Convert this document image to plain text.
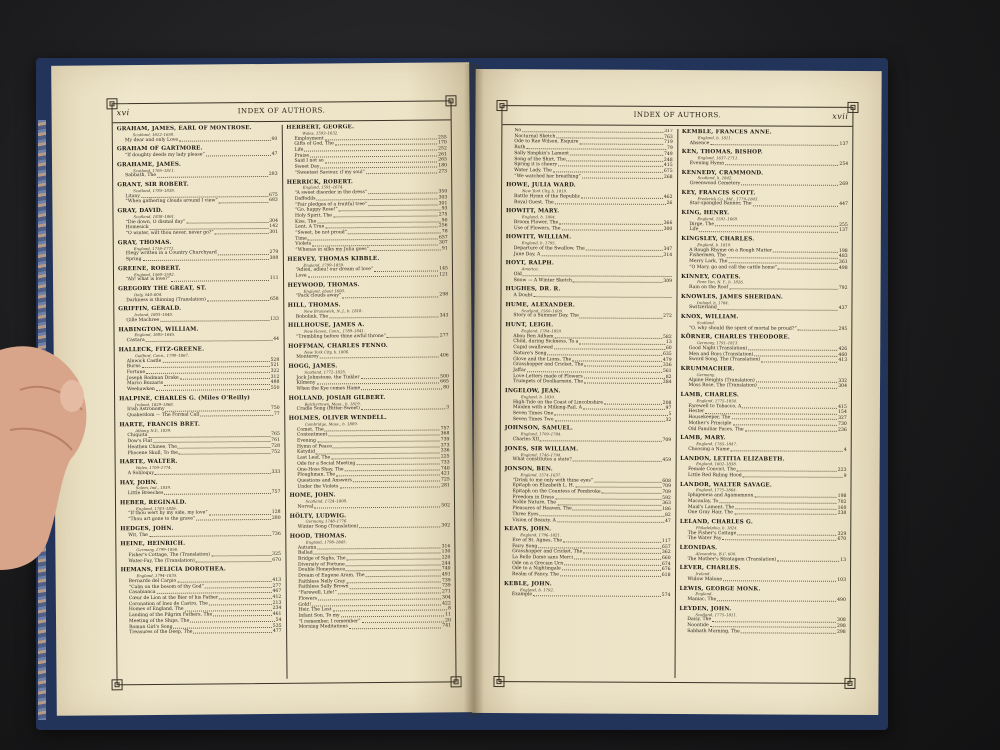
xvi	INDEX OF AUTHORS.
GRAHAM, JAMES, EARL OF MONTROSE.
Scotland, 1612–1650.
My dear and only Love	60
GRAHAM OF GARTMORE.
“If doughty deeds my lady please”	47
GRAHAME, JAMES.
Scotland, 1765–1811.
Sabbath, The	283
GRANT, SIR ROBERT.
Scotland, 1785–1838.
Litany	675
“When gathering clouds around I view”	683
GRAY, DAVID.
Scotland, 1838–1861.
“Die down, O dismal day”	304
Homesick	142
“O winter, wilt thou never, never go?”	301
GRAY, THOMAS.
England, 1716–1771.
Elegy written in a Country Churchyard	279
Spring	308
GREENE, ROBERT.
England, 1560–1592.
“Ah! what is love?”	111
GREGORY THE GREAT, ST.
Italy, 540–604.
Darkness is thinning (Translation)	658
GRIFFIN, GERALD.
Ireland, 1803–1840.
Gille Machree	133
HABINGTON, WILLIAM.
England, 1605–1645.
Castara	44
HALLECK, FITZ-GREENE.
Guilford, Conn., 1790–1867.
Alnwick Castle	528
Burns	521
Fortune	322
Joseph Rodman Drake	312
Marco Bozzaris	488
Weehawken	550
HALPINE, CHARLES G. (Miles O'Reilly)
Ireland, 1829–1868.
Irish Astronomy	750
Quakerdom — The Formal Call	77
HARTE, FRANCIS BRET.
Albany, N.Y., 1839.
Chiquita	765
Dow's Flat	761
Heathen Chinee, The	728
Pliocene Skull, To the	752
HARTE, WALTER.
Wales, 1700–1774.
A Soliloquy	333
HAY, JOHN.
Salem, Ind., 1839.
Little Breeches	757
HEBER, REGINALD.
England, 1783–1826.
“If thou wert by my side, my love”	128
“Thou art gone to the grave”	280
HEDGES, JOHN.
Wit, The	736
HEINE, HEINRICH.
Germany, 1799–1856.
Fisher's Cottage, The (Translation)	325
Water-Fay, The (Translation)	670
HEMANS, FELICIA DOROTHEA.
England, 1794–1835.
Bernardo del Carpio	413
“Calm on the bosom of thy God”	277
Casabianca	467
Cœur de Lion at the Bier of his Father	412
Coronation of Inez de Castro, The	213
Homes of England, The	234
Landing of the Pilgrim Fathers, The	461
Meeting of the Ships, The	54
Roman Girl's Song	535
Treasures of the Deep, The	477
HERBERT, GEORGE.
Wales, 1593–1632.
Employment	255
Gifts of God, The	170
Life	252
Praise	261
Said I not so	265
Sweet Day	180
“Sweetest Saviour, if my soul”	273
HERRICK, ROBERT.
England, 1591–1674.
“A sweet disorder in the dress”	350
Daffodils	303
“Fair pledges of a fruitful tree”	301
“Go, happy Rose!”	93
Holy Spirit, The	275
Kiss, The	90
Lent, A True	256
“Sweet, be not proud”	78
Time	657
Violets	307
“Whenas in silks my Julia goes”	91
HERVEY, THOMAS KIBBLE.
England, 1799–1859.
“Adieu, adieu! our dream of love”	145
Love	121
HEYWOOD, THOMAS.
England, about 1600.
“Pack clouds away”	298
HILL, THOMAS.
New Brunswick, N. J., b. 1818.
Bobolink, The	343
HILLHOUSE, JAMES A.
New Haven, Conn., 1789–1841.
“Trembling before thine awful throne”	277
HOFFMAN, CHARLES FENNO.
New York City, b. 1806.
Monterey	406
HOGG, JAMES.
Scotland, 1772–1835.
Jock Johnstone, the Tinkler	500
Kilmeny	665
When the Kye comes Hame	80
HOLLAND, JOSIAH GILBERT.
Belchertown, Mass., b. 1819.
Cradle Song (Bitter-Sweet)	3
HOLMES, OLIVER WENDELL.
Cambridge, Mass., b. 1809.
Comet, The	757
Contentment	368
Evening	739
Hymn of Peace	373
Katydid	336
Last Leaf, The	225
Ode for a Social Meeting	733
One-Hoss Shay, The	740
Ploughman, The	421
Questions and Answers	725
Under the Violets	281
HOME, JOHN.
Scotland, 1724–1808.
Norval	502
HÖLTY, LUDWIG.
Germany, 1748–1776.
Winter Song (Translation)	302
HOOD, THOMAS.
England, 1798–1845.
Autumn	316
Ballad	130
Bridge of Sighs, The	220
Diversity of Fortune	244
Double Honeydeuce	740
Dream of Eugene Aram, The	491
Faithless Nelly Gray	739
Faithless Sally Brown	739
“Farewell, Life!”	271
Flowers	304
Gold!	422
Heir, The Lost	8
Infant Son, To my	11
“I remember, I remember”	20
Morning Meditations	741
INDEX OF AUTHORS.	xvii
No	317
Nocturnal Sketch	763
Ode to Rae Wilson, Esquire	719
Ruth	79
Sally Simpkin's Lament	749
Song of the Shirt, The	248
Spring it is cheery	415
Water Lady, The	675
“We watched her breathing”	268
HOWE, JULIA WARD.
New York City, b. 1819.
Battle Hymn of the Republic	462
Royal Guest, The	26
HOWITT, MARY.
England, b. 1804.
Broom Flower, The	366
Use of Flowers, The	300
HOWITT, WILLIAM.
England, b. 1795.
Departure of the Swallow, The	347
June Day, A	314
HOYT, RALPH.
America.
Old
Snow — A Winter Sketch	309
HUGHES, DR. R.
A Doubt
HUME, ALEXANDER.
Scotland, 1560–1609.
Story of a Summer Day, The	272
HUNT, LEIGH.
England, 1784–1859.
Abou Ben Adhem	582
Child, during Sickness, To a	13
Cupid swallowed	60
Nature's Song	635
Glove and the Lions, The	479
Grasshopper and Cricket, The	336
Jaffar	561
Love-Letters made of Flowers	82
Trumpets of Doolkarnein, The	384
INGELOW, JEAN.
England, b. 1830.
High-Tide on the Coast of Lincolnshire	208
Maiden with a Milking-Pail, A	97
Seven Times One	5
Seven Times Two	32
JOHNSON, SAMUEL.
England, 1709–1784.
Charles XII	709
JONES, SIR WILLIAM.
England, 1746–1794.
What constitutes a state?	459
JONSON, BEN.
England, 1574–1637.
“Drink to me only with thine eyes”	608
Epitaph on Elizabeth L. H.	709
Epitaph on the Countess of Pembroke	709
Freedom in Dress	592
Noble Nature, The	363
Pleasures of Heaven, The	186
Three Eyes	82
Vision of Beauty, A	47
KEATS, JOHN.
England, 1796–1821.
Eve of St. Agnes, The	117
Fairy Song	657
Grasshopper and Cricket, The	362
La Belle Dame sans Merci	660
Ode on a Grecian Urn	674
Ode to a Nightingale	676
Realm of Fancy, The	618
KEBLE, JOHN.
England, b. 1792.
Example	574
KEMBLE, FRANCES ANNE.
England, b. 1811.
Absence	137
KEN, THOMAS, BISHOP.
England, 1637–1711.
Evening Hymn	254
KENNEDY, CRAMMOND.
Scotland, b. 1842.
Greenwood Cemetery	269
KEY, FRANCIS SCOTT.
Frederick Co., Md., 1779–1843.
Star-spangled Banner, The	447
KING, HENRY.
England, 1591–1669.
Dirge, The	255
Life	137
KINGSLEY, CHARLES.
England, b. 1819.
A Rough Rhyme on a Rough Matter	198
Fishermen, The	483
Merry Lark, The	361
“O Mary, go and call the cattle home”	498
KINNEY, COATES.
Penn Yan, N. Y., b. 1826.
Rain on the Roof	792
KNOWLES, JAMES SHERIDAN.
Ireland, b. 1784.
Switzerland	437
KNOX, WILLIAM.
Scotland.
“O, why should the spirit of mortal be proud?”	295
KÖRNER, CHARLES THEODORE.
Germany, 1791–1813.
Good Night (Translation)	426
Men and Boys (Translation)	460
Sword Song, The (Translation)	413
KRUMMACHER.
Germany.
Alpine Heights (Translation)	332
Moss Rose, The (Translation)	304
LAMB, CHARLES.
England, 1775–1834.
Farewell to Tobacco, A	415
Hester	154
Housekeeper, The	327
Mother's Principle	730
Old Familiar Faces, The	236
LAMB, MARY.
England, 1765–1847.
Choosing a Name	4
LANDON, LETITIA ELIZABETH.
England, 1802–1838.
Female Convict, The	223
Little Red Riding Hood	9
LANDOR, WALTER SAVAGE.
England, 1775–1864.
Iphigeneia and Agamemnon	198
Macaulay, To	702
Maid's Lament, The	160
One Gray Hair, The	238
LELAND, CHARLES G.
Philadelphia, b. 1824.
The Fisher's Cottage	329
The Water Fay	670
LEONIDAS.
Alexandria, B.C. 600.
The Mother's Stratagem (Translation)	13
LEVER, CHARLES.
Ireland.
Widow Malone	103
LEWIS, GEORGE MONK.
England.
Maniac, The	490
LEYDEN, JOHN.
Scotland, 1775–1811.
Daisy, The	308
Noontide	298
Sabbath Morning, The	298
